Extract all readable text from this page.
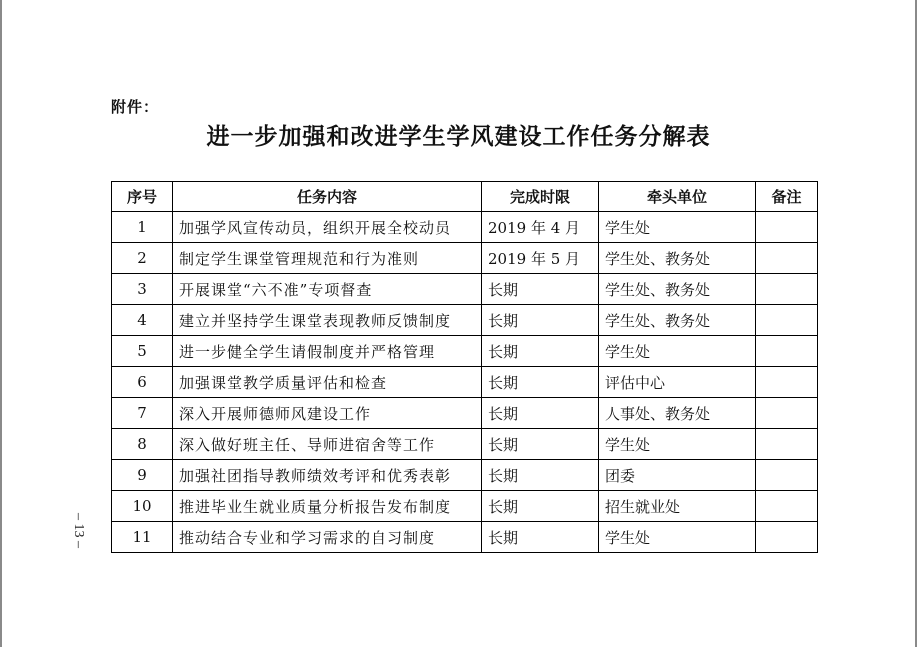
附件：
进一步加强和改进学生学风建设工作任务分解表
– 13 –
序号	任务内容	完成时限	牵头单位	备注
1	加强学风宣传动员，组织开展全校动员	2019 年 4 月	学生处	
2	制定学生课堂管理规范和行为准则	2019 年 5 月	学生处、教务处	
3	开展课堂“六不准”专项督查	长期	学生处、教务处	
4	建立并坚持学生课堂表现教师反馈制度	长期	学生处、教务处	
5	进一步健全学生请假制度并严格管理	长期	学生处	
6	加强课堂教学质量评估和检查	长期	评估中心	
7	深入开展师德师风建设工作	长期	人事处、教务处	
8	深入做好班主任、导师进宿舍等工作	长期	学生处	
9	加强社团指导教师绩效考评和优秀表彰	长期	团委	
10	推进毕业生就业质量分析报告发布制度	长期	招生就业处	
11	推动结合专业和学习需求的自习制度	长期	学生处	
